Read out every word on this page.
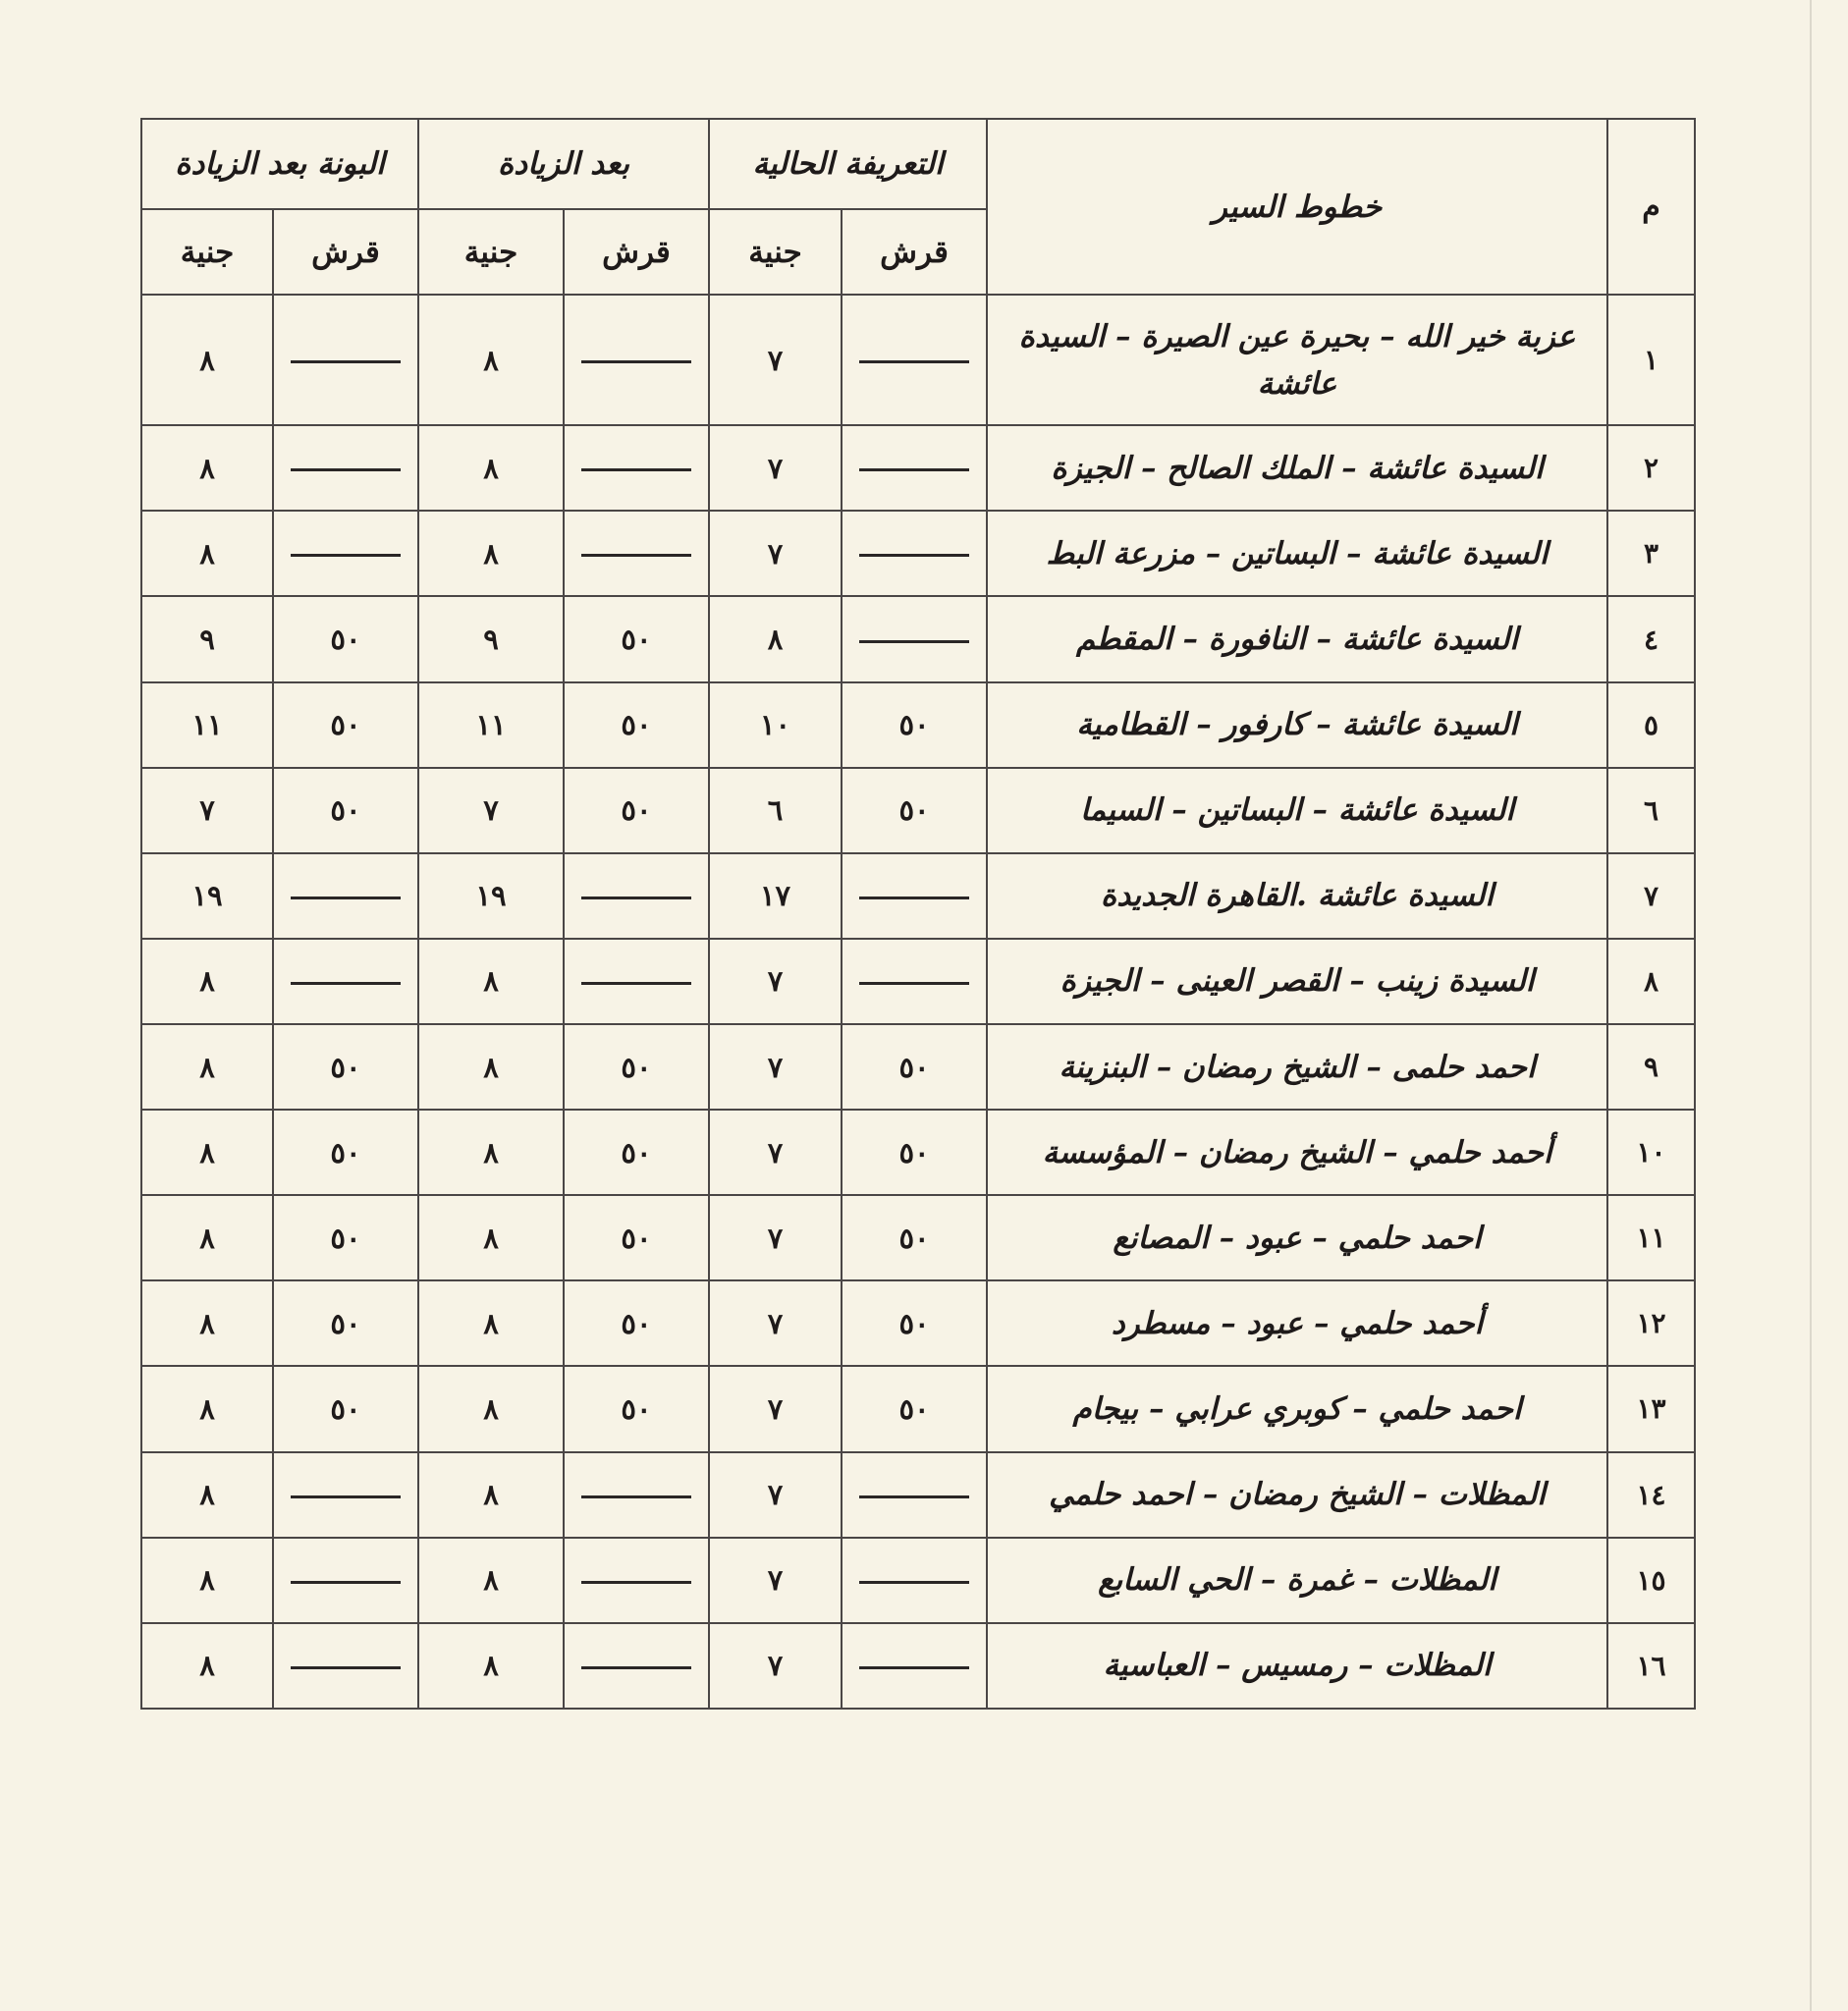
م	خطوط السير	التعريفة الحالية		بعد الزيادة		البونة بعد الزيادة	
		قرش	جنية	قرش	جنية	قرش	جنية
١	عزبة خير الله – بحيرة عين الصيرة – السيدة عائشة		٧		٨		٨
٢	السيدة عائشة – الملك الصالح – الجيزة		٧		٨		٨
٣	السيدة عائشة – البساتين – مزرعة البط		٧		٨		٨
٤	السيدة عائشة – النافورة – المقطم		٨	٥٠	٩	٥٠	٩
٥	السيدة عائشة – كارفور – القطامية	٥٠	١٠	٥٠	١١	٥٠	١١
٦	السيدة عائشة – البساتين – السيما	٥٠	٦	٥٠	٧	٥٠	٧
٧	السيدة عائشة .القاهرة الجديدة		١٧		١٩		١٩
٨	السيدة زينب – القصر العينى – الجيزة		٧		٨		٨
٩	احمد حلمى – الشيخ رمضان – البنزينة	٥٠	٧	٥٠	٨	٥٠	٨
١٠	أحمد حلمي – الشيخ رمضان – المؤسسة	٥٠	٧	٥٠	٨	٥٠	٨
١١	احمد حلمي – عبود – المصانع	٥٠	٧	٥٠	٨	٥٠	٨
١٢	أحمد حلمي – عبود – مسطرد	٥٠	٧	٥٠	٨	٥٠	٨
١٣	احمد حلمي – كوبري عرابي – بيجام	٥٠	٧	٥٠	٨	٥٠	٨
١٤	المظلات – الشيخ رمضان – احمد حلمي		٧		٨		٨
١٥	المظلات – غمرة – الحي السابع		٧		٨		٨
١٦	المظلات – رمسيس – العباسية		٧		٨		٨
